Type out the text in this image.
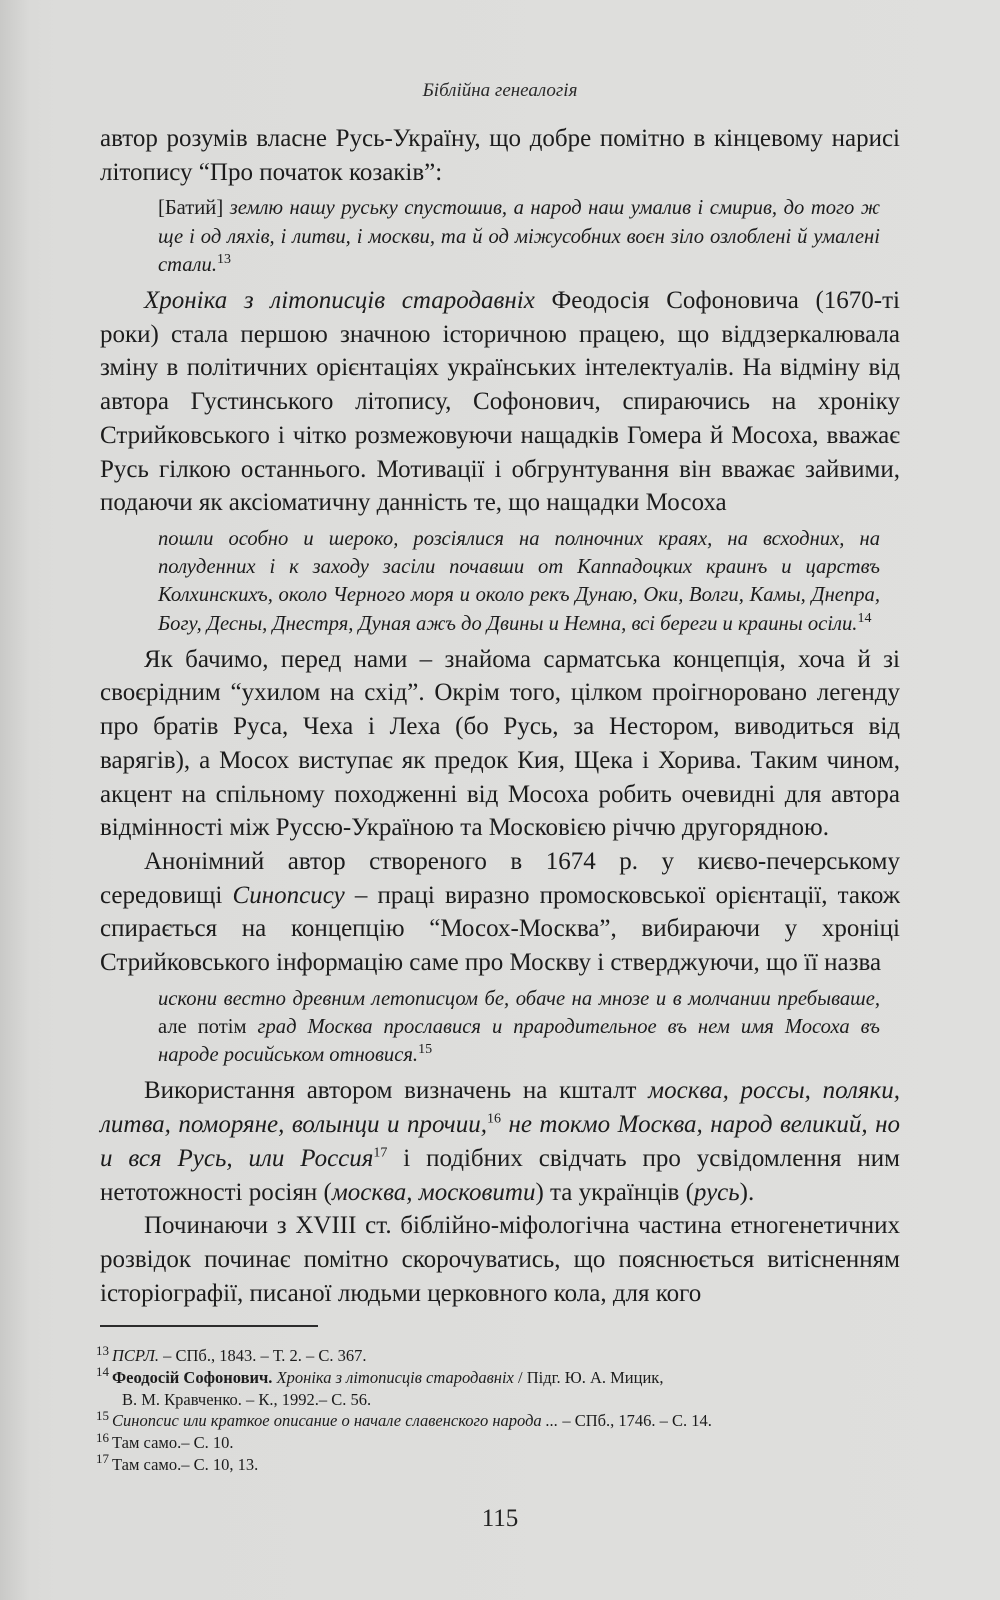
Біблійна генеалогія

автор розумів власне Русь-Україну, що добре помітно в кінцевому нарисі літопису “Про початок козаків”:

[Батий] землю нашу руську спустошив, а народ наш умалив і смирив, до того ж ще і од ляхів, і литви, і москви, та й од міжусобних воєн зіло озлоблені й умалені стали.$^{13}$

Хроніка з літописців стародавніх Феодосія Софоновича (1670-ті роки) стала першою значною історичною працею, що віддзеркалювала зміну в політичних орієнтаціях українських інтелектуалів. На відміну від автора Густинського літопису, Софонович, спираючись на хроніку Стрийковського і чітко розмежовуючи нащадків Гомера й Мосоха, вважає Русь гілкою останнього. Мотивації і обгрунтування він вважає зайвими, подаючи як аксіоматичну данність те, що нащадки Мосоха

пошли особно и шероко, розсіялися на полночних краях, на всходних, на полуденних і к заходу засіли почавши от Каппадоцких краинъ и царствъ Колхинскихъ, около Черного моря и около рекъ Дунаю, Оки, Волги, Камы, Днепра, Богу, Десны, Днестря, Дуная ажъ до Двины и Немна, всі береги и краины осіли.$^{14}$

Як бачимо, перед нами – знайома сарматська концепція, хоча й зі своєрідним “ухилом на схід”. Окрім того, цілком проігноровано легенду про братів Руса, Чеха і Леха (бо Русь, за Нестором, виводиться від варягів), а Мосох виступає як предок Кия, Щека і Хорива. Таким чином, акцент на спільному походженні від Мосоха робить очевидні для автора відмінності між Руссю-Україною та Московією річчю другорядною.

Анонімний автор створеного в 1674 р. у києво-печерському середовищі Синопсису – праці виразно промосковської орієнтації, також спирається на концепцію “Мосох-Москва”, вибираючи у хроніці Стрийковського інформацію саме про Москву і стверджуючи, що її назва

искони вестно древним летописцом бе, обаче на мнозе и в молчании пребываше, але потім град Москва прославися и прародительное въ нем имя Мосоха въ народе росийськом отновися.$^{15}$

Використання автором визначень на кшталт москва, россы, поляки, литва, поморяне, волынци и прочии,$^{16}$ не токмо Москва, народ великий, но и вся Русь, или Россия$^{17}$ і подібних свідчать про усвідомлення ним нетотожності росіян (москва, московити) та українців (русь).

Починаючи з XVIII ст. біблійно-міфологічна частина етногенетичних розвідок починає помітно скорочуватись, що пояснюється витісненням історіографії, писаної людьми церковного кола, для кого

$^{13}$ ПСРЛ. – СПб., 1843. – Т. 2. – С. 367.

$^{14}$ Феодосій Софонович. Хроніка з літописців стародавніх / Підг. Ю. А. Мицик,
В. М. Кравченко. – К., 1992.– С. 56.

$^{15}$ Синопсис или краткое описание о начале славенского народа ... – СПб., 1746. – С. 14.

$^{16}$ Там само.– С. 10.

$^{17}$ Там само.– С. 10, 13.

115
